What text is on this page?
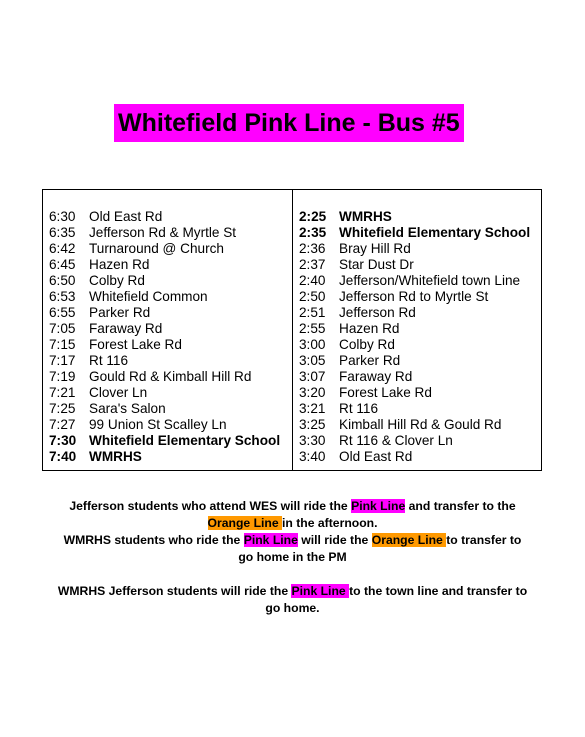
Whitefield Pink Line - Bus #5
6:30 Old East Rd
6:35 Jefferson Rd & Myrtle St
6:42 Turnaround @ Church
6:45 Hazen Rd
6:50 Colby Rd
6:53 Whitefield Common
6:55 Parker Rd
7:05 Faraway Rd
7:15 Forest Lake Rd
7:17 Rt 116
7:19 Gould Rd & Kimball Hill Rd
7:21 Clover Ln
7:25 Sara's Salon
7:27 99 Union St Scalley Ln
7:30 Whitefield Elementary School
7:40 WMRHS
2:25 WMRHS
2:35 Whitefield Elementary School
2:36 Bray Hill Rd
2:37 Star Dust Dr
2:40 Jefferson/Whitefield town Line
2:50 Jefferson Rd to Myrtle St
2:51 Jefferson Rd
2:55 Hazen Rd
3:00 Colby Rd
3:05 Parker Rd
3:07 Faraway Rd
3:20 Forest Lake Rd
3:21 Rt 116
3:25 Kimball Hill Rd & Gould Rd
3:30 Rt 116 & Clover Ln
3:40 Old East Rd

Jefferson students who attend WES will ride the Pink Line and transfer to the

Orange Line in the afternoon.

WMRHS students who ride the Pink Line will ride the Orange Line to transfer to

go home in the PM

WMRHS Jefferson students will ride the Pink Line to the town line and transfer to

go home.
